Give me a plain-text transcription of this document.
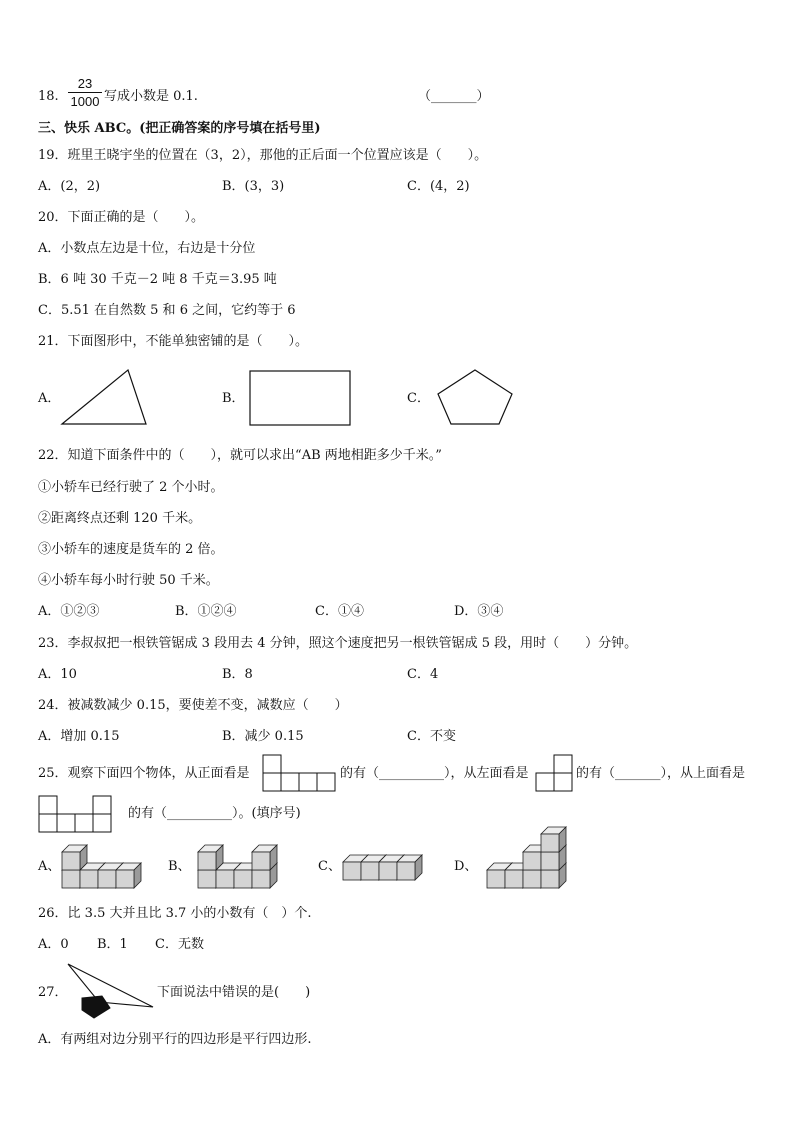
18.
23
1000 写成小数是 0.1.	（_______）
三、快乐 ABC。(把正确答案的序号填在括号里)
19．班里王晓宇坐的位置在（3，2），那他的正后面一个位置应该是（　　）。
A．(2，2)	B．(3，3)	C．(4，2)
20．下面正确的是（　　）。
A．小数点左边是十位，右边是十分位
B．6 吨 30 千克－2 吨 8 千克＝3.95 吨
C．5.51 在自然数 5 和 6 之间，它约等于 6
21．下面图形中，不能单独密铺的是（　　）。
A．	B．	C．
22．知道下面条件中的（　　），就可以求出“AB 两地相距多少千米。”
①小轿车已经行驶了 2 个小时。
②距离终点还剩 120 千米。
③小轿车的速度是货车的 2 倍。
④小轿车每小时行驶 50 千米。
A．①②③	B．①②④	C．①④	D．③④
23．李叔叔把一根铁管锯成 3 段用去 4 分钟，照这个速度把另一根铁管锯成 5 段，用时（　　）分钟。
A．10	B．8	C．4
24．被减数减少 0.15，要使差不变，减数应（　　）
A．增加 0.15	B．减少 0.15	C．不变
25．观察下面四个物体，从正面看是	的有（__________），从左面看是	的有（_______），从上面看是
的有（__________）。(填序号)
A、	B、	C、	D、
26．比 3.5 大并且比 3.7 小的小数有（　）个.
A．0 B．1 C．无数
27．	下面说法中错误的是(　　)
A．有两组对边分别平行的四边形是平行四边形.
